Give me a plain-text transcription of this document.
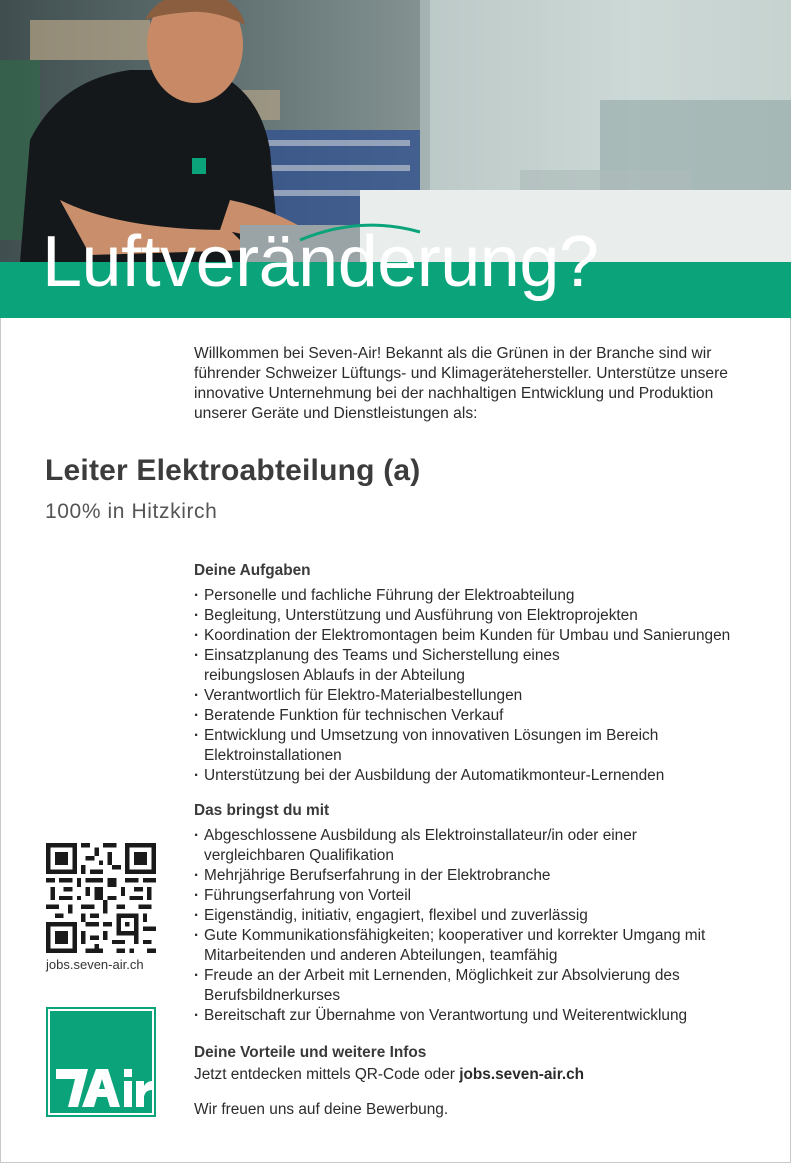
Luftveränderung?

Willkommen bei Seven-Air! Bekannt als die Grünen in der Branche sind wir führender Schweizer Lüftungs- und Klimagerätehersteller. Unterstütze unsere innovative Unternehmung bei der nachhaltigen Entwicklung und Produktion unserer Geräte und Dienstleistungen als:

Leiter Elektroabteilung (a)
100% in Hitzkirch
Deine Aufgaben
· Personelle und fachliche Führung der Elektroabteilung
· Begleitung, Unterstützung und Ausführung von Elektroprojekten
· Koordination der Elektromontagen beim Kunden für Umbau und Sanierungen
· Einsatzplanung des Teams und Sicherstellung eines reibungslosen Ablaufs in der Abteilung
· Verantwortlich für Elektro-Materialbestellungen
· Beratende Funktion für technischen Verkauf
· Entwicklung und Umsetzung von innovativen Lösungen im Bereich Elektroinstallationen
· Unterstützung bei der Ausbildung der Automatikmonteur-Lernenden
Das bringst du mit
· Abgeschlossene Ausbildung als Elektroinstallateur/in oder einer vergleichbaren Qualifikation
· Mehrjährige Berufserfahrung in der Elektrobranche
· Führungserfahrung von Vorteil
· Eigenständig, initiativ, engagiert, flexibel und zuverlässig
· Gute Kommunikationsfähigkeiten; kooperativer und korrekter Umgang mit Mitarbeitenden und anderen Abteilungen, teamfähig
· Freude an der Arbeit mit Lernenden, Möglichkeit zur Absolvierung des Berufsbildnerkurses
· Bereitschaft zur Übernahme von Verantwortung und Weiterentwicklung
Deine Vorteile und weitere Infos

Jetzt entdecken mittels QR-Code oder jobs.seven-air.ch

Wir freuen uns auf deine Bewerbung.
jobs.seven-air.ch
